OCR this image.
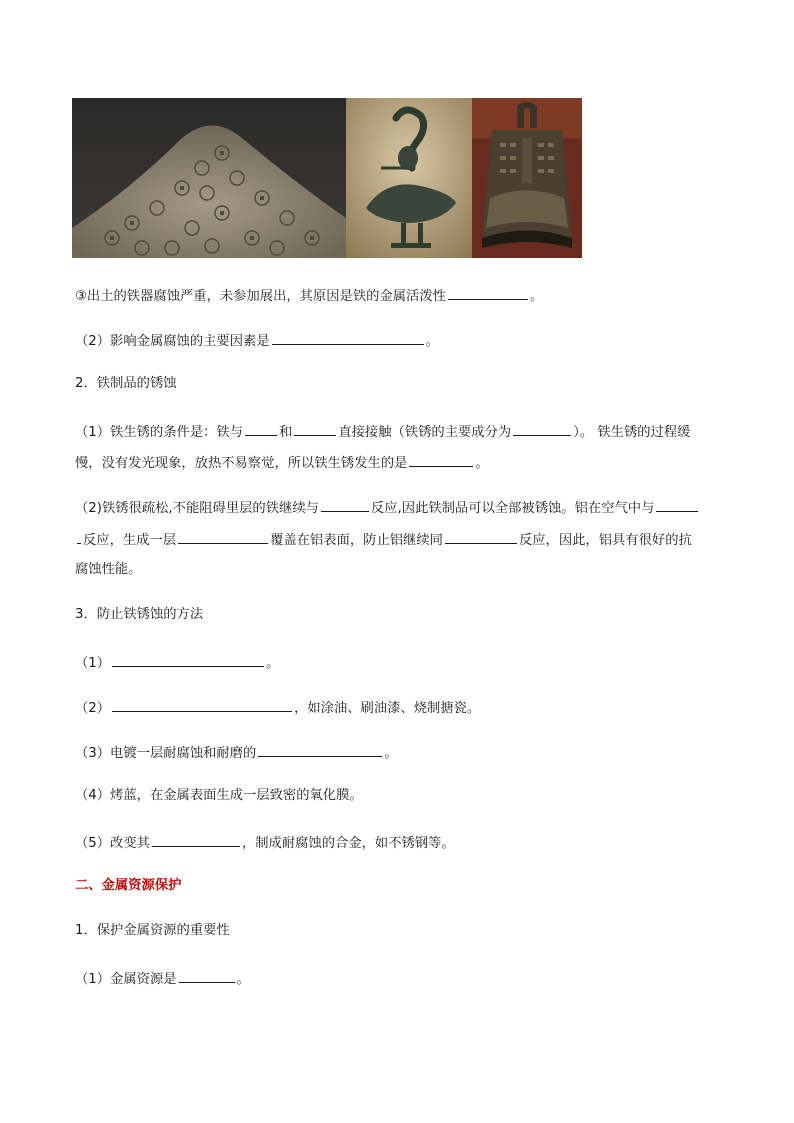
③出土的铁器腐蚀严重，未参加展出，其原因是铁的金属活泼性	。
（2）影响金属腐蚀的主要因素是	。
2．铁制品的锈蚀
（1）铁生锈的条件是：铁与	和	直接接触（铁锈的主要成分为	）。 铁生锈的过程缓
慢，没有发光现象，放热不易察觉，所以铁生锈发生的是	。
（2)铁锈很疏松,不能阻碍里层的铁继续与	反应,因此铁制品可以全部被锈蚀。铝在空气中与
反应，生成一层	覆盖在铝表面，防止铝继续同	反应，因此，铝具有很好的抗
腐蚀性能。
3．防止铁锈蚀的方法
（1）	。
（2）	，如涂油、刷油漆、烧制搪瓷。
（3）电镀一层耐腐蚀和耐磨的	。
（4）烤蓝，在金属表面生成一层致密的氧化膜。
（5）改变其	，制成耐腐蚀的合金，如不锈钢等。
二、金属资源保护
1．保护金属资源的重要性
（1）金属资源是	。
